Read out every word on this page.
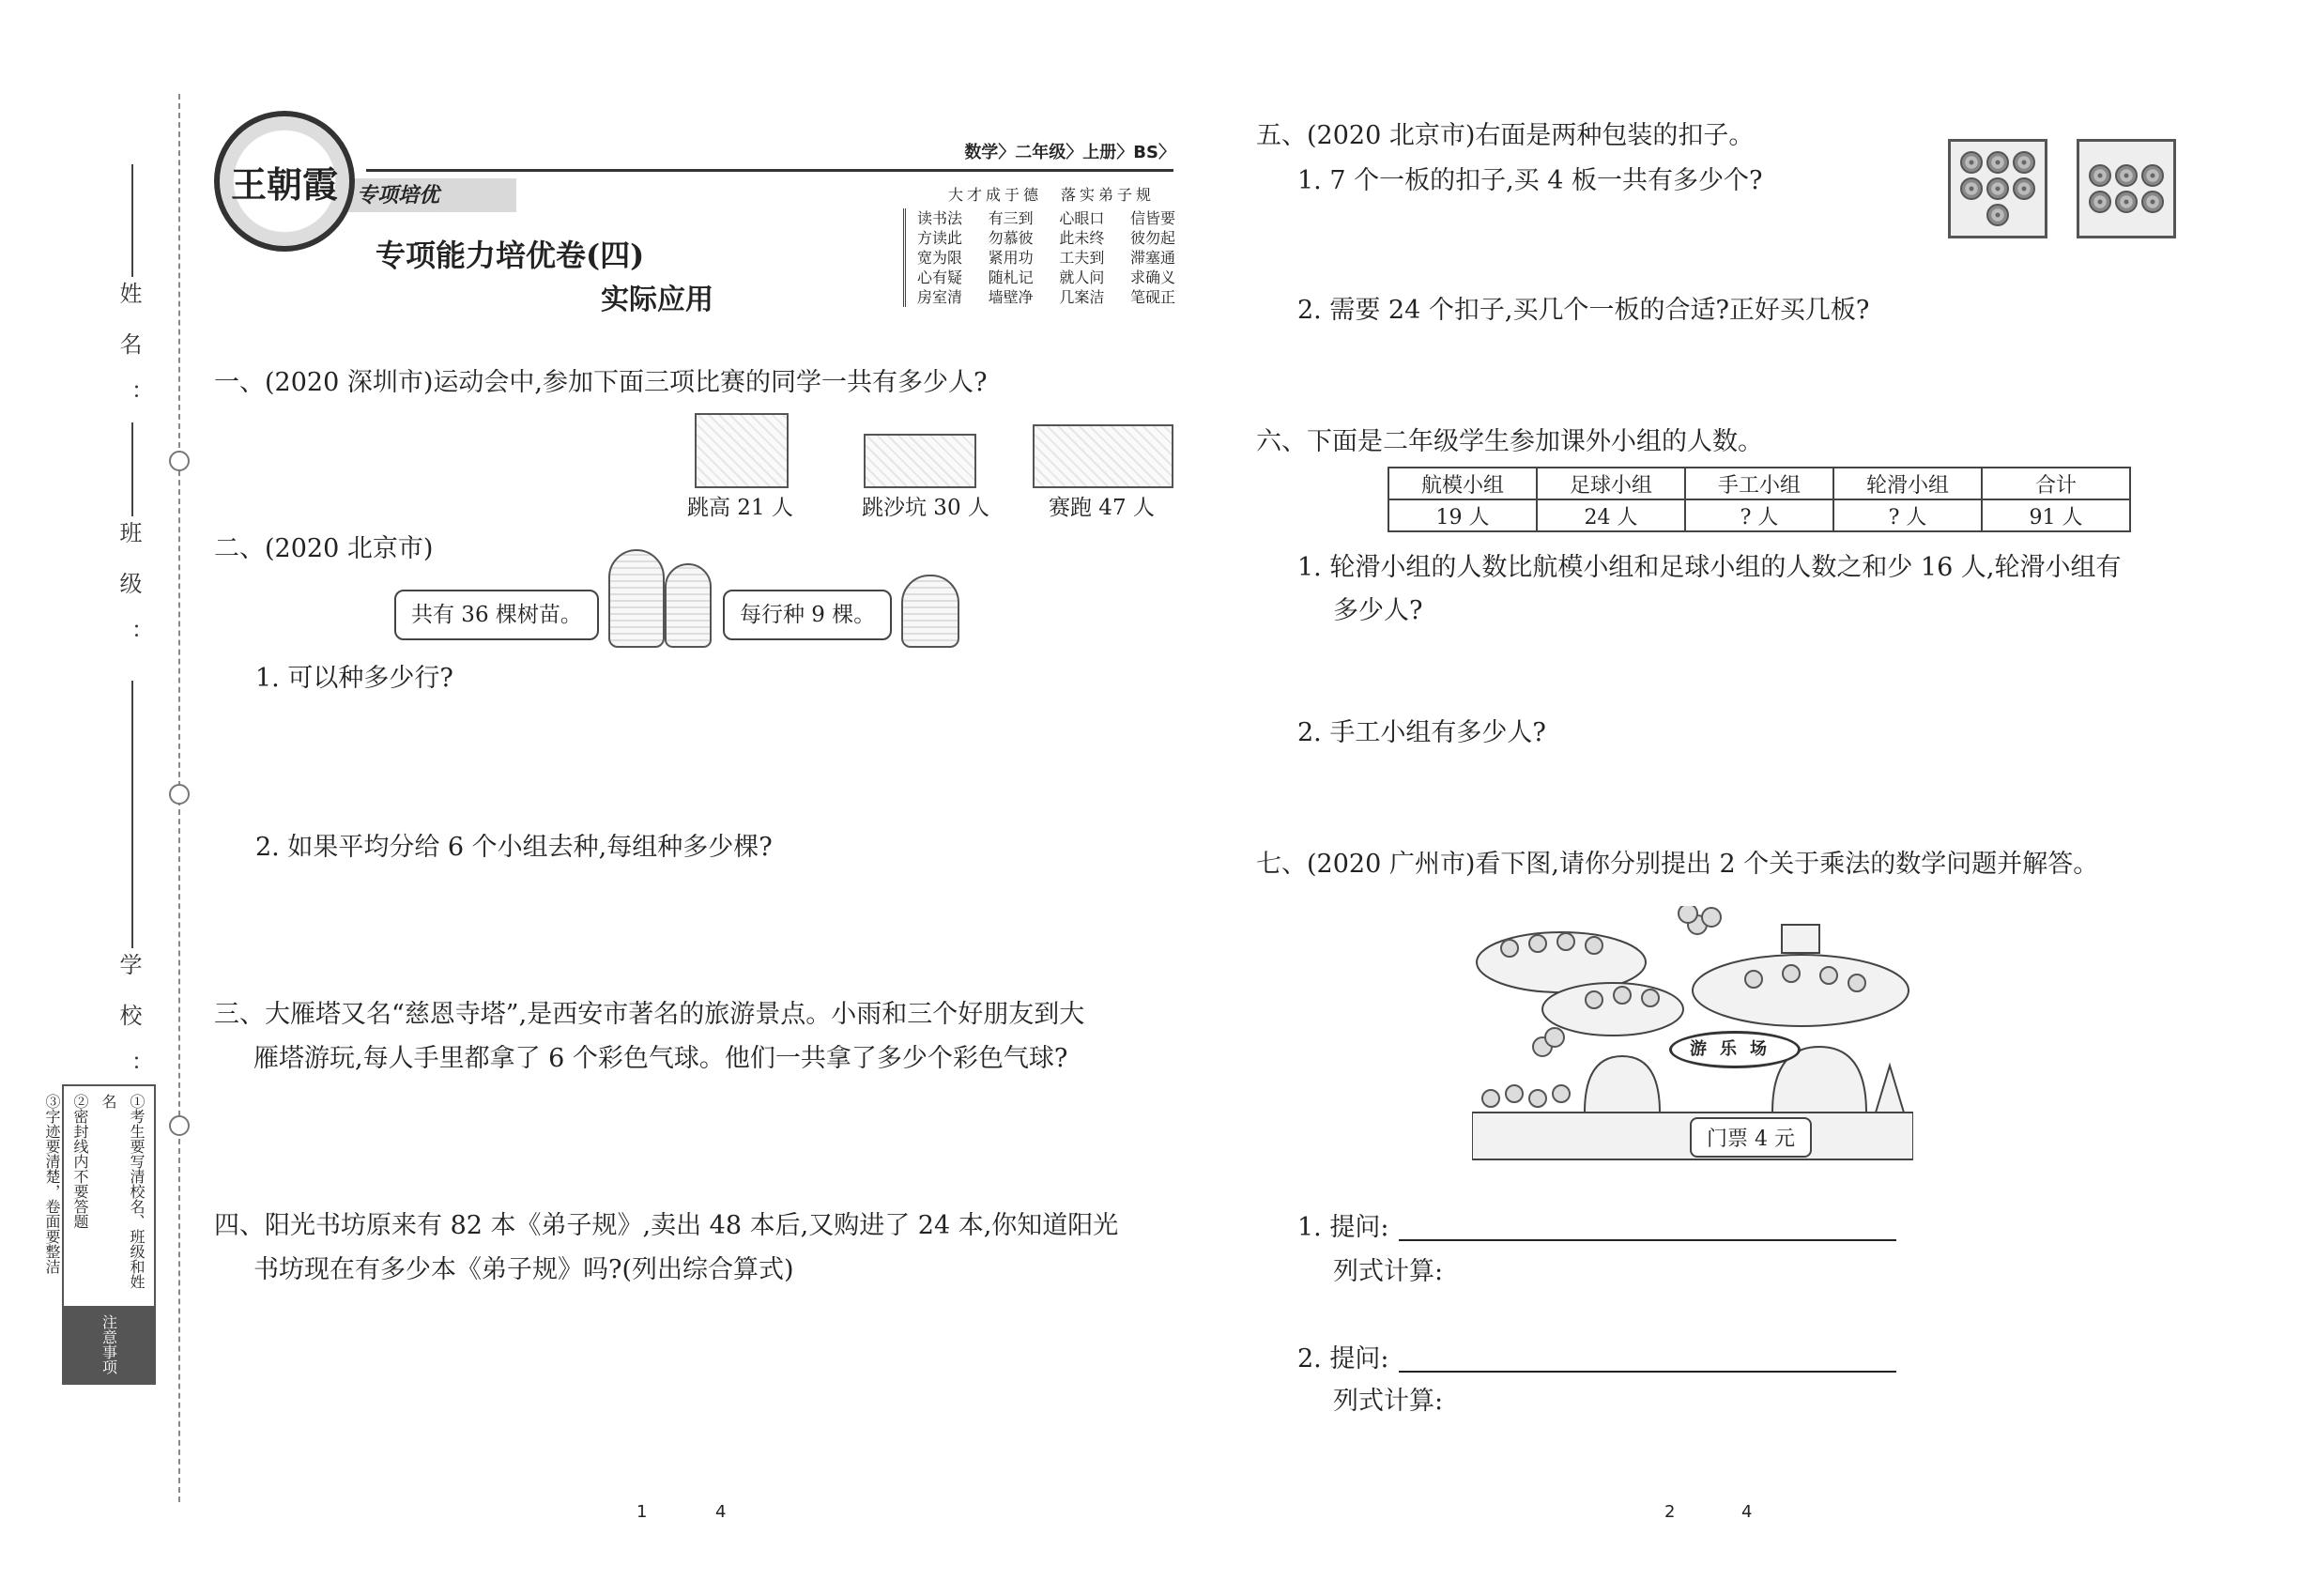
姓名：
班级：
学校：
①考生要写清校名、班级和姓名
②密封线内不要答题
③字迹要清楚，卷面要整洁
注意事项
专项培优
王朝霞
数学〉二年级〉上册〉BS〉
大才成于德　落实弟子规
读书法 有三到 心眼口 信皆要
方读此 勿慕彼 此未终 彼勿起
宽为限 紧用功 工夫到 滞塞通
心有疑 随札记 就人问 求确义
房室清 墙壁净 几案洁 笔砚正
专项能力培优卷(四)
实际应用
一、(2020 深圳市)运动会中,参加下面三项比赛的同学一共有多少人?
跳高 21 人	跳沙坑 30 人	赛跑 47 人
二、(2020 北京市)
共有 36 棵树苗。	每行种 9 棵。
1. 可以种多少行?
2. 如果平均分给 6 个小组去种,每组种多少棵?
三、大雁塔又名“慈恩寺塔”,是西安市著名的旅游景点。小雨和三个好朋友到大
雁塔游玩,每人手里都拿了 6 个彩色气球。他们一共拿了多少个彩色气球?
四、阳光书坊原来有 82 本《弟子规》,卖出 48 本后,又购进了 24 本,你知道阳光
书坊现在有多少本《弟子规》吗?(列出综合算式)
1	4
五、(2020 北京市)右面是两种包装的扣子。
1. 7 个一板的扣子,买 4 板一共有多少个?
2. 需要 24 个扣子,买几个一板的合适?正好买几板?
六、下面是二年级学生参加课外小组的人数。
航模小组	足球小组	手工小组	轮滑小组	合计
19 人	24 人	? 人	? 人	91 人
1. 轮滑小组的人数比航模小组和足球小组的人数之和少 16 人,轮滑小组有
多少人?
2. 手工小组有多少人?
七、(2020 广州市)看下图,请你分别提出 2 个关于乘法的数学问题并解答。
游乐场
门票 4 元
1. 提问:
列式计算:
2. 提问:
列式计算:
2	4
